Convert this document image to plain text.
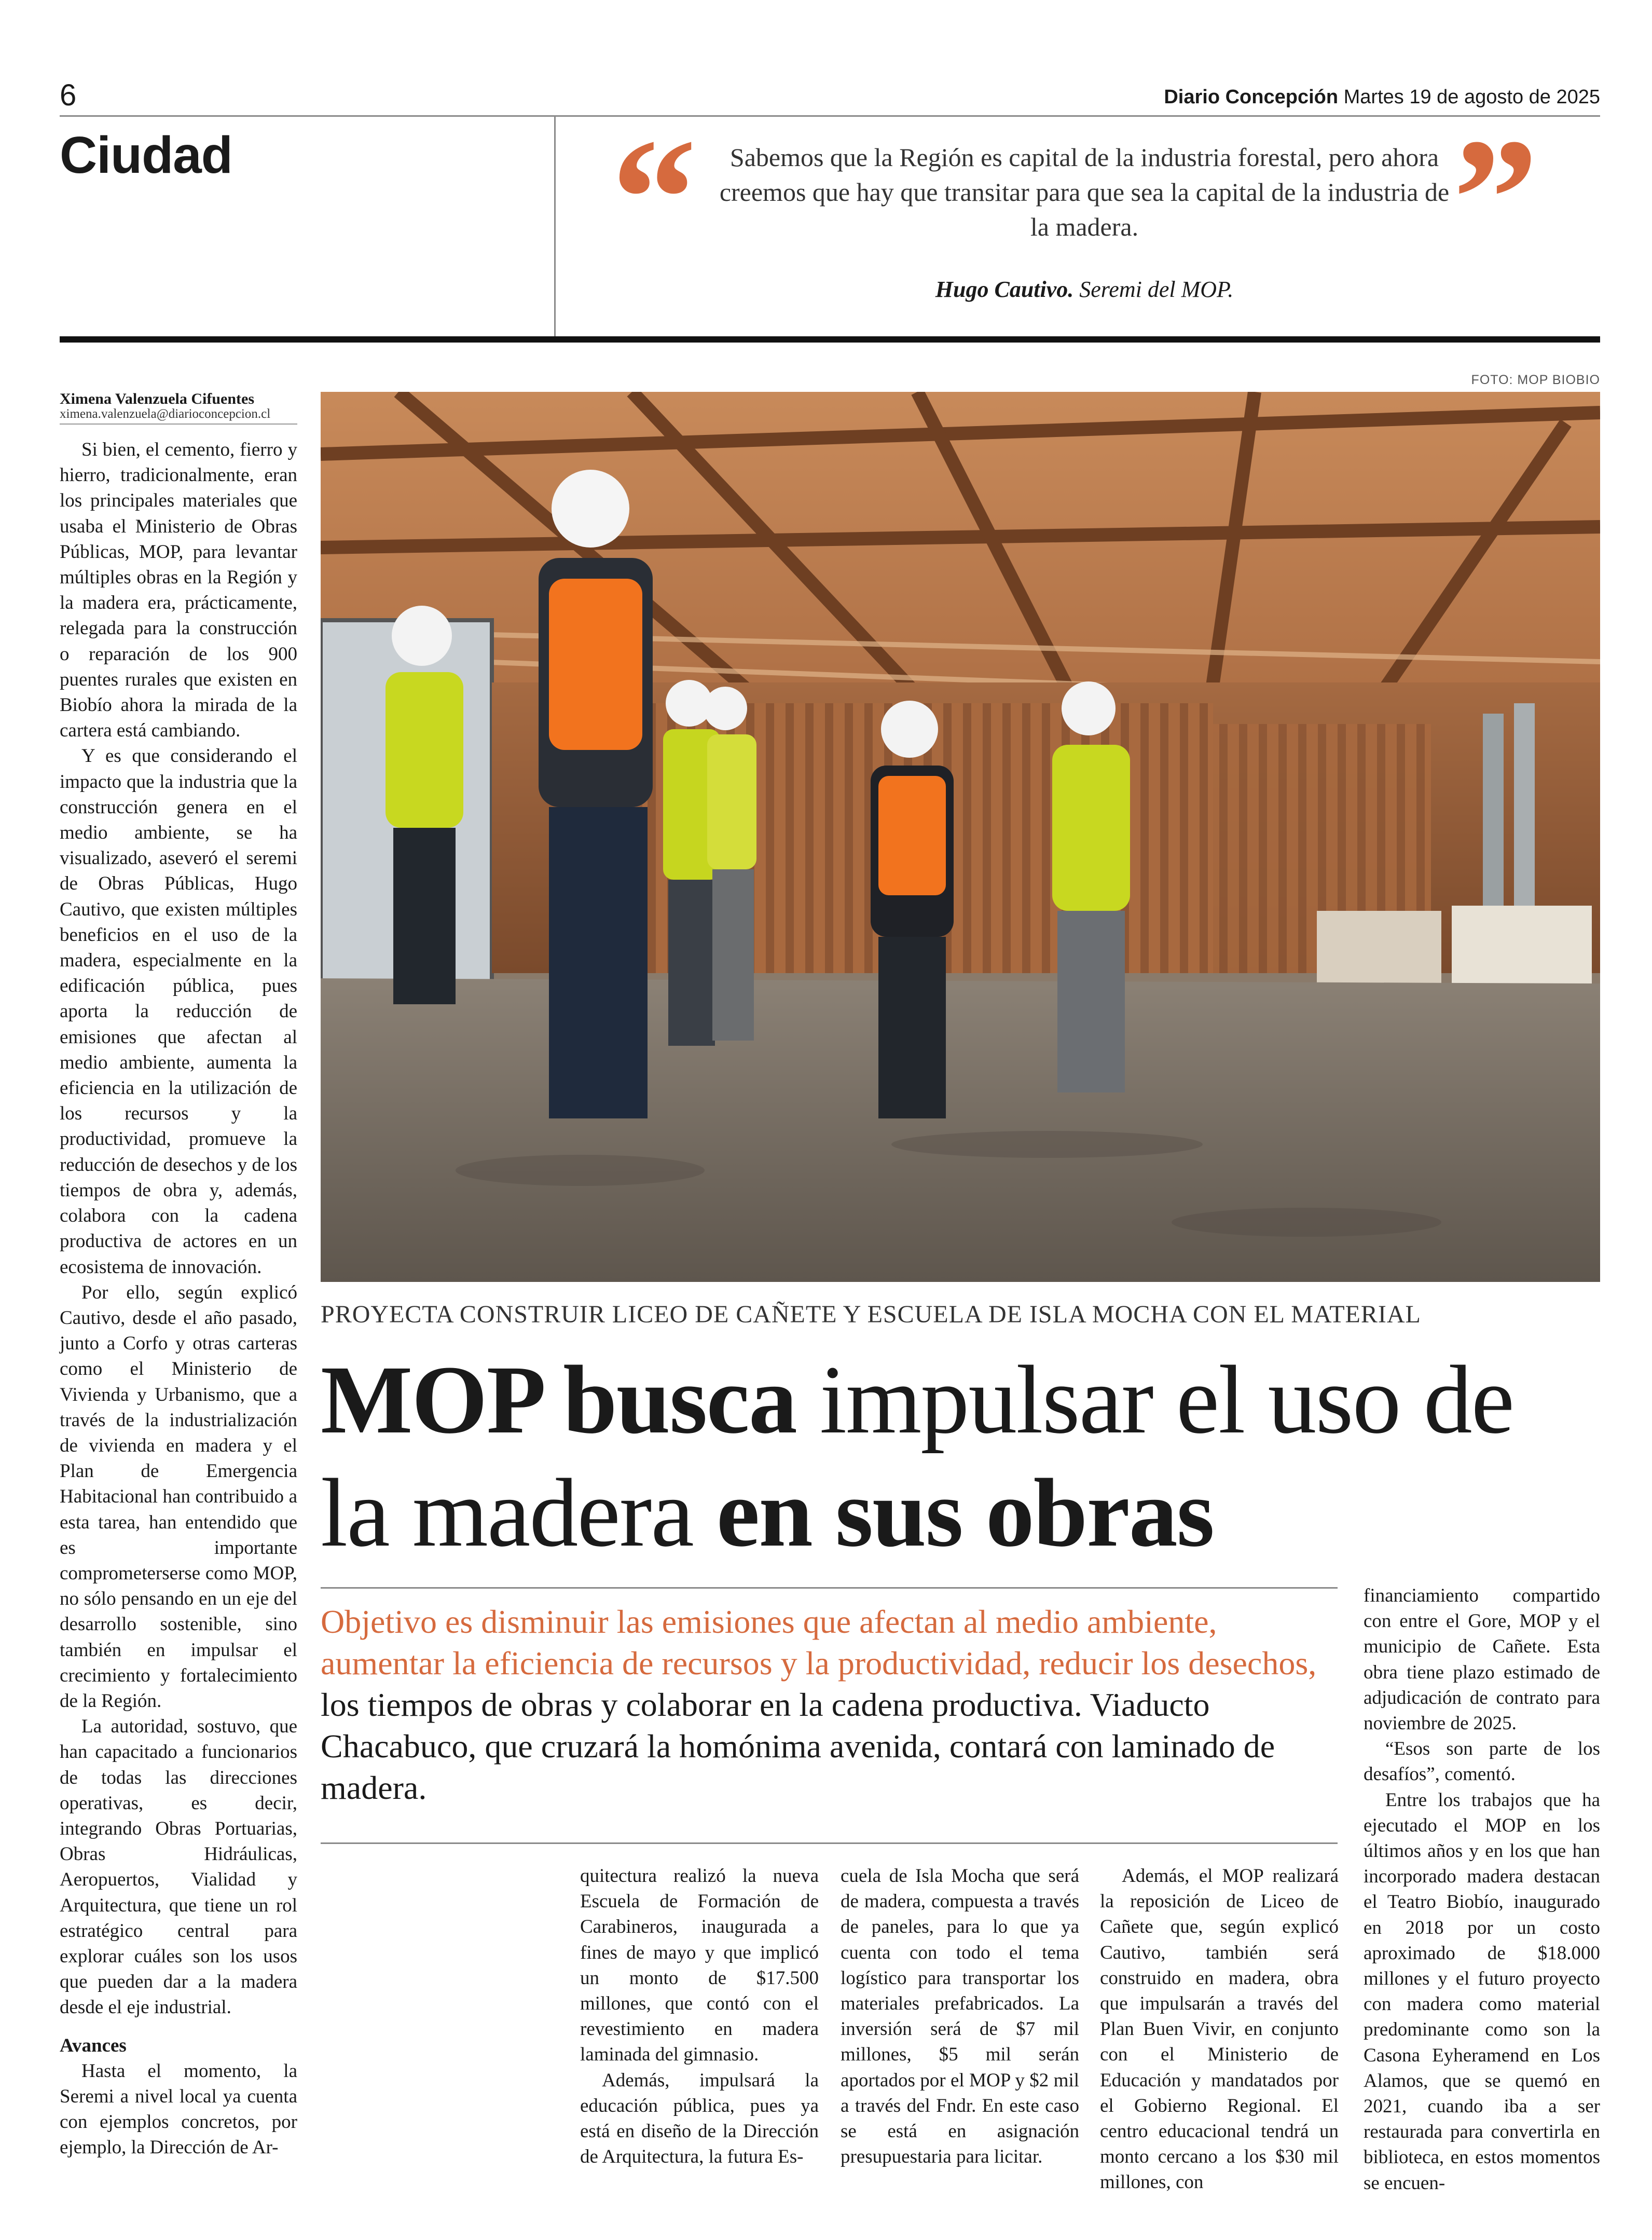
6	Diario Concepción Martes 19 de agosto de 2025
Ciudad “	”
Sabemos que la Región es capital de la industria forestal, pero ahora creemos que hay que transitar para que sea la capital de la industria de la madera.
Hugo Cautivo. Seremi del MOP.
FOTO: MOP BIOBIO
Ximena Valenzuela Cifuentes
ximena.valenzuela@diarioconcepcion.cl

Si bien, el cemento, fierro y hierro, tradicionalmente, eran los principales materiales que usaba el Ministerio de Obras Públicas, MOP, para levantar múltiples obras en la Región y la madera era, prácticamente, relegada para la construcción o reparación de los 900 puentes rurales que existen en Biobío ahora la mirada de la cartera está cambiando.

Y es que considerando el impacto que la industria que la construcción genera en el medio ambiente, se ha visualizado, aseveró el seremi de Obras Públicas, Hugo Cautivo, que existen múltiples beneficios en el uso de la madera, especialmente en la edificación pública, pues aporta la reducción de emisiones que afectan al medio ambiente, aumenta la eficiencia en la utilización de los recursos y la productividad, promueve la reducción de desechos y de los tiempos de obra y, además, colabora con la cadena productiva de actores en un ecosistema de innovación.

Por ello, según explicó Cautivo, desde el año pasado, junto a Corfo y otras carteras como el Ministerio de Vivienda y Urbanismo, que a través de la industrialización de vivienda en madera y el Plan de Emergencia Habitacional han contribuido a esta tarea, han entendido que es importante comprometerserse como MOP, no sólo pensando en un eje del desarrollo sostenible, sino también en impulsar el crecimiento y fortalecimiento de la Región.

La autoridad, sostuvo, que han capacitado a funcionarios de todas las direcciones operativas, es decir, integrando Obras Portuarias, Obras Hidráulicas, Aeropuertos, Vialidad y Arquitectura, que tiene un rol estratégico central para explorar cuáles son los usos que pueden dar a la madera desde el eje industrial.

Avances

Hasta el momento, la Seremi a nivel local ya cuenta con ejemplos concretos, por ejemplo, la Dirección de Ar-

PROYECTA CONSTRUIR LICEO DE CAÑETE Y ESCUELA DE ISLA MOCHA CON EL MATERIAL
MOP busca impulsar el uso de la madera en sus obras
Objetivo es disminuir las emisiones que afectan al medio ambiente, aumentar la eficiencia de recursos y la productividad, reducir los desechos, los tiempos de obras y colaborar en la cadena productiva. Viaducto Chacabuco, que cruzará la homónima avenida, contará con laminado de madera.

quitectura realizó la nueva Escuela de Formación de Carabineros, inaugurada a fines de mayo y que implicó un monto de $17.500 millones, que contó con el revestimiento en madera laminada del gimnasio.

Además, impulsará la educación pública, pues ya está en diseño de la Dirección de Arquitectura, la futura Es-

cuela de Isla Mocha que será de madera, compuesta a través de paneles, para lo que ya cuenta con todo el tema logístico para transportar los materiales prefabricados. La inversión será de $7 mil millones, $5 mil serán aportados por el MOP y $2 mil a través del Fndr. En este caso se está en asignación presupuestaria para licitar.

Además, el MOP realizará la reposición de Liceo de Cañete que, según explicó Cautivo, también será construido en madera, obra que impulsarán a través del Plan Buen Vivir, en conjunto con el Ministerio de Educación y mandatados por el Gobierno Regional. El centro educacional tendrá un monto cercano a los $30 mil millones, con

financiamiento compartido con entre el Gore, MOP y el municipio de Cañete. Esta obra tiene plazo estimado de adjudicación de contrato para noviembre de 2025.

“Esos son parte de los desafíos”, comentó.

Entre los trabajos que ha ejecutado el MOP en los últimos años y en los que han incorporado madera destacan el Teatro Biobío, inaugurado en 2018 por un costo aproximado de $18.000 millones y el futuro proyecto con madera como material predominante como son la Casona Eyheramend en Los Alamos, que se quemó en 2021, cuando iba a ser restaurada para convertirla en biblioteca, en estos momentos se encuen-
